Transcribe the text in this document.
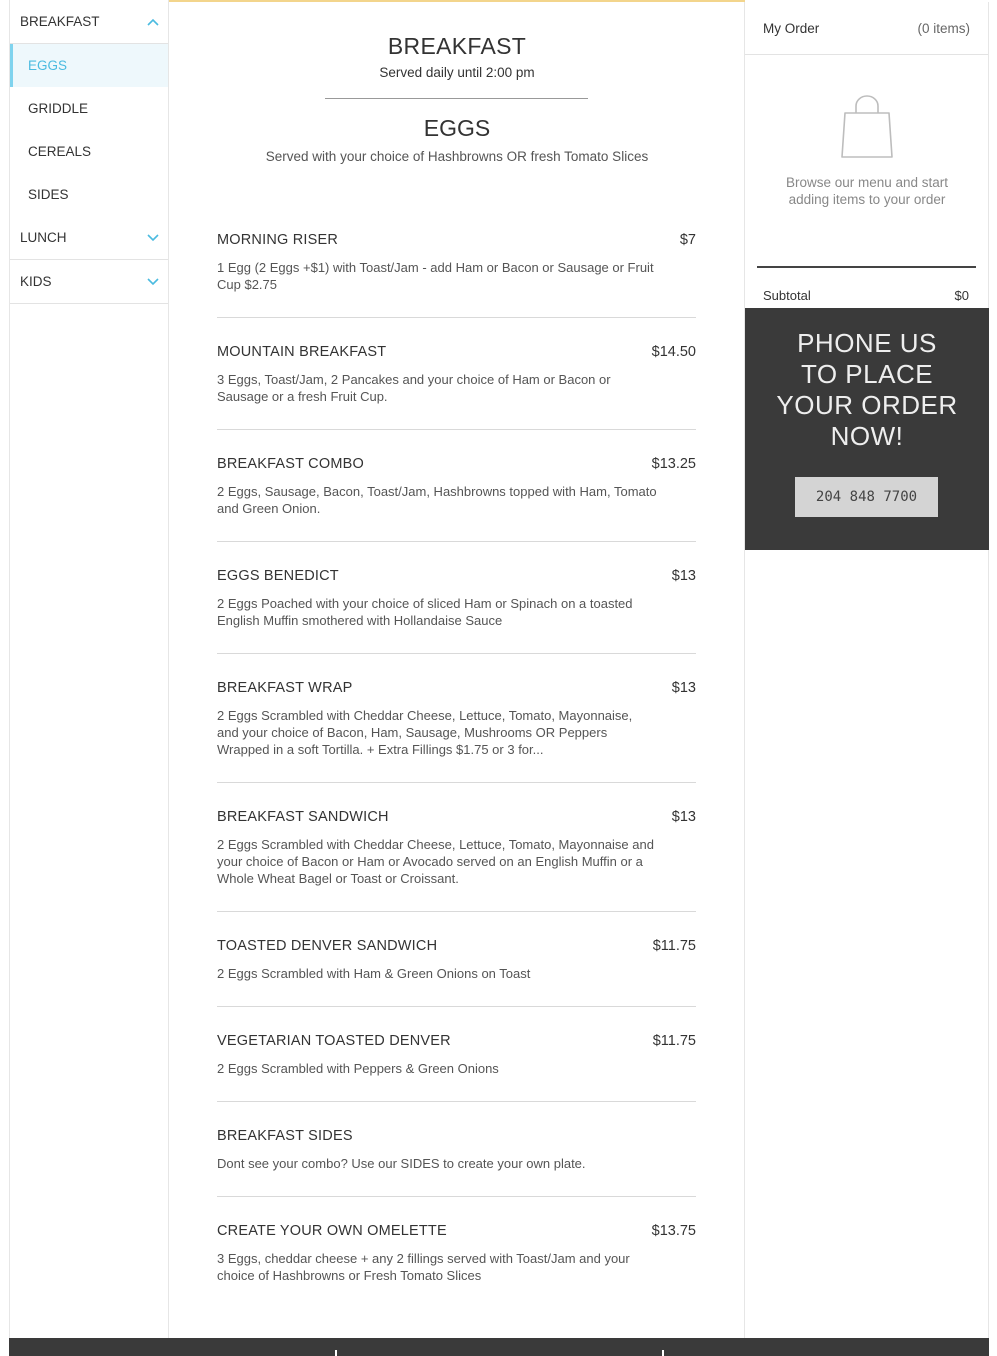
BREAKFAST
EGGS
GRIDDLE
CEREALS
SIDES
LUNCH
KIDS
BREAKFAST
Served daily until 2:00 pm
EGGS
Served with your choice of Hashbrowns OR fresh Tomato Slices
MORNING RISER	$7
1 Egg (2 Eggs +$1) with Toast/Jam - add Ham or Bacon or Sausage or Fruit Cup $2.75
MOUNTAIN BREAKFAST	$14.50
3 Eggs, Toast/Jam, 2 Pancakes and your choice of Ham or Bacon or Sausage or a fresh Fruit Cup.
BREAKFAST COMBO	$13.25
2 Eggs, Sausage, Bacon, Toast/Jam, Hashbrowns topped with Ham, Tomato and Green Onion.
EGGS BENEDICT	$13
2 Eggs Poached with your choice of sliced Ham or Spinach on a toasted English Muffin smothered with Hollandaise Sauce
BREAKFAST WRAP	$13
2 Eggs Scrambled with Cheddar Cheese, Lettuce, Tomato, Mayonnaise, and your choice of Bacon, Ham, Sausage, Mushrooms OR Peppers Wrapped in a soft Tortilla. + Extra Fillings $1.75 or 3 for...
BREAKFAST SANDWICH	$13
2 Eggs Scrambled with Cheddar Cheese, Lettuce, Tomato, Mayonnaise and your choice of Bacon or Ham or Avocado served on an English Muffin or a Whole Wheat Bagel or Toast or Croissant.
TOASTED DENVER SANDWICH	$11.75
2 Eggs Scrambled with Ham & Green Onions on Toast
VEGETARIAN TOASTED DENVER	$11.75
2 Eggs Scrambled with Peppers & Green Onions
BREAKFAST SIDES
Dont see your combo? Use our SIDES to create your own plate.
CREATE YOUR OWN OMELETTE	$13.75
3 Eggs, cheddar cheese + any 2 fillings served with Toast/Jam and your choice of Hashbrowns or Fresh Tomato Slices
My Order	(0 items)
Browse our menu and start adding items to your order
Subtotal	$0
PHONE US
TO PLACE
YOUR ORDER
NOW!
204 848 7700
